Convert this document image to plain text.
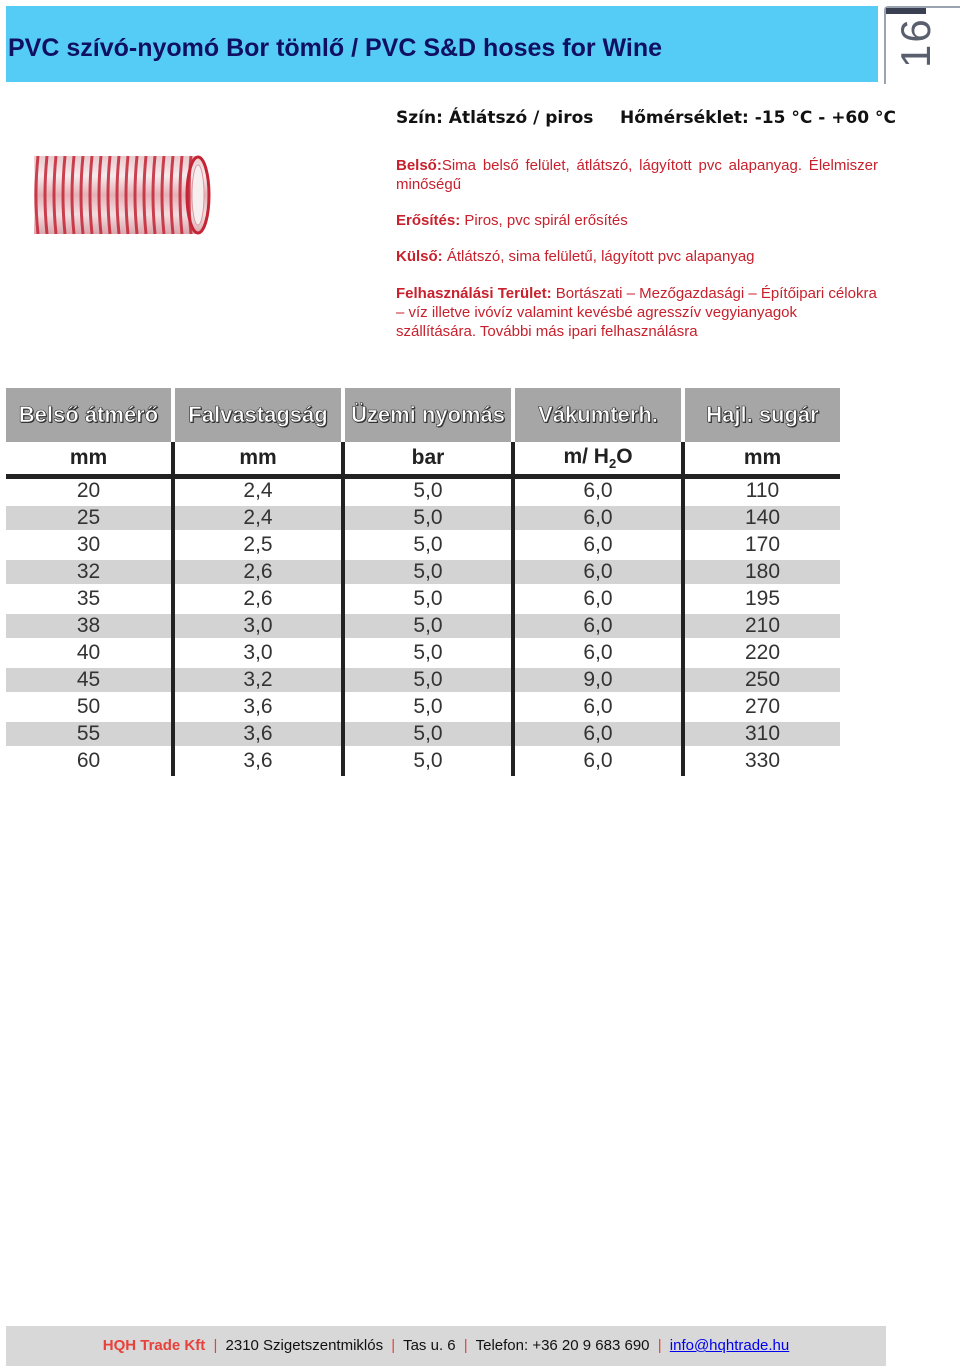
PVC szívó-nyomó Bor tömlő / PVC S&D hoses for Wine	16
Szín: Átlátszó / piros Hőmérséklet: -15 °C - +60 °C
Belső:Sima belső felület, átlátszó, lágyított pvc alapanyag. Élelmiszer minőségű
Erősítés: Piros, pvc spirál erősítés
Külső: Átlátszó, sima felületű, lágyított pvc alapanyag
Felhasználási Terület: Bortászati – Mezőgazdasági – Építőipari célokra – víz illetve ivóvíz valamint kevésbé agresszív vegyianyagok szállítására. További más ipari felhasználásra
Belső átmérő	Falvastagság	Üzemi nyomás	Vákumterh.	Hajl. sugár
mm	mm	bar	m/ $H_2O$	mm
20	2,4	5,0	6,0	110
25	2,4	5,0	6,0	140
30	2,5	5,0	6,0	170
32	2,6	5,0	6,0	180
35	2,6	5,0	6,0	195
38	3,0	5,0	6,0	210
40	3,0	5,0	6,0	220
45	3,2	5,0	9,0	250
50	3,6	5,0	6,0	270
55	3,6	5,0	6,0	310
60	3,6	5,0	6,0	330
HQH Trade Kft | 2310 Szigetszentmiklós | Tas u. 6 | Telefon: +36 20 9 683 690 | info@hqhtrade.hu
